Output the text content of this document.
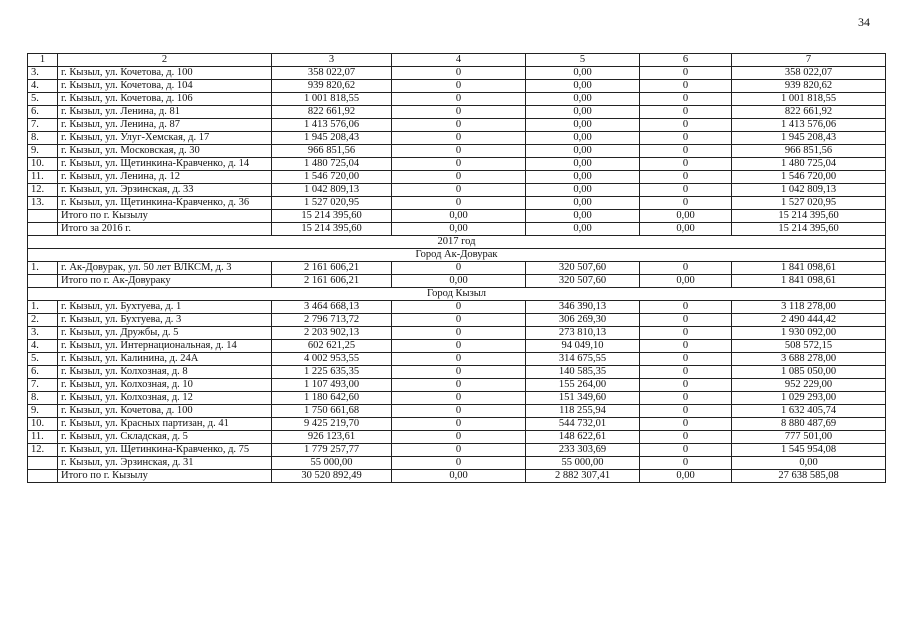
34
1	2	3	4	5	6	7
3.	г. Кызыл, ул. Кочетова, д. 100	358 022,07	0	0,00	0	358 022,07
4.	г. Кызыл, ул. Кочетова, д. 104	939 820,62	0	0,00	0	939 820,62
5.	г. Кызыл, ул. Кочетова, д. 106	1 001 818,55	0	0,00	0	1 001 818,55
6.	г. Кызыл, ул. Ленина, д. 81	822 661,92	0	0,00	0	822 661,92
7.	г. Кызыл, ул. Ленина, д. 87	1 413 576,06	0	0,00	0	1 413 576,06
8.	г. Кызыл, ул. Улуг-Хемская, д. 17	1 945 208,43	0	0,00	0	1 945 208,43
9.	г. Кызыл, ул. Московская, д. 30	966 851,56	0	0,00	0	966 851,56
10.	г. Кызыл, ул. Щетинкина-Кравченко, д. 14	1 480 725,04	0	0,00	0	1 480 725,04
11.	г. Кызыл, ул. Ленина, д. 12	1 546 720,00	0	0,00	0	1 546 720,00
12.	г. Кызыл, ул. Эрзинская, д. 33	1 042 809,13	0	0,00	0	1 042 809,13
13.	г. Кызыл, ул. Щетинкина-Кравченко, д. 36	1 527 020,95	0	0,00	0	1 527 020,95
	Итого по г. Кызылу	15 214 395,60	0,00	0,00	0,00	15 214 395,60
	Итого за 2016 г.	15 214 395,60	0,00	0,00	0,00	15 214 395,60
2017 год						
Город Ак-Довурак						
1.	г. Ак-Довурак, ул. 50 лет ВЛКСМ, д. 3	2 161 606,21	0	320 507,60	0	1 841 098,61
	Итого по г. Ак-Довураку	2 161 606,21	0,00	320 507,60	0,00	1 841 098,61
Город Кызыл						
1.	г. Кызыл, ул. Бухтуева, д. 1	3 464 668,13	0	346 390,13	0	3 118 278,00
2.	г. Кызыл, ул. Бухтуева, д. 3	2 796 713,72	0	306 269,30	0	2 490 444,42
3.	г. Кызыл, ул. Дружбы, д. 5	2 203 902,13	0	273 810,13	0	1 930 092,00
4.	г. Кызыл, ул. Интернациональная, д. 14	602 621,25	0	94 049,10	0	508 572,15
5.	г. Кызыл, ул. Калинина, д. 24А	4 002 953,55	0	314 675,55	0	3 688 278,00
6.	г. Кызыл, ул. Колхозная, д. 8	1 225 635,35	0	140 585,35	0	1 085 050,00
7.	г. Кызыл, ул. Колхозная, д. 10	1 107 493,00	0	155 264,00	0	952 229,00
8.	г. Кызыл, ул. Колхозная, д. 12	1 180 642,60	0	151 349,60	0	1 029 293,00
9.	г. Кызыл, ул. Кочетова, д. 100	1 750 661,68	0	118 255,94	0	1 632 405,74
10.	г. Кызыл, ул. Красных партизан, д. 41	9 425 219,70	0	544 732,01	0	8 880 487,69
11.	г. Кызыл, ул. Складская, д. 5	926 123,61	0	148 622,61	0	777 501,00
12.	г. Кызыл, ул. Щетинкина-Кравченко, д. 75	1 779 257,77	0	233 303,69	0	1 545 954,08
	г. Кызыл, ул. Эрзинская, д. 31	55 000,00	0	55 000,00	0	0,00
	Итого по г. Кызылу	30 520 892,49	0,00	2 882 307,41	0,00	27 638 585,08
